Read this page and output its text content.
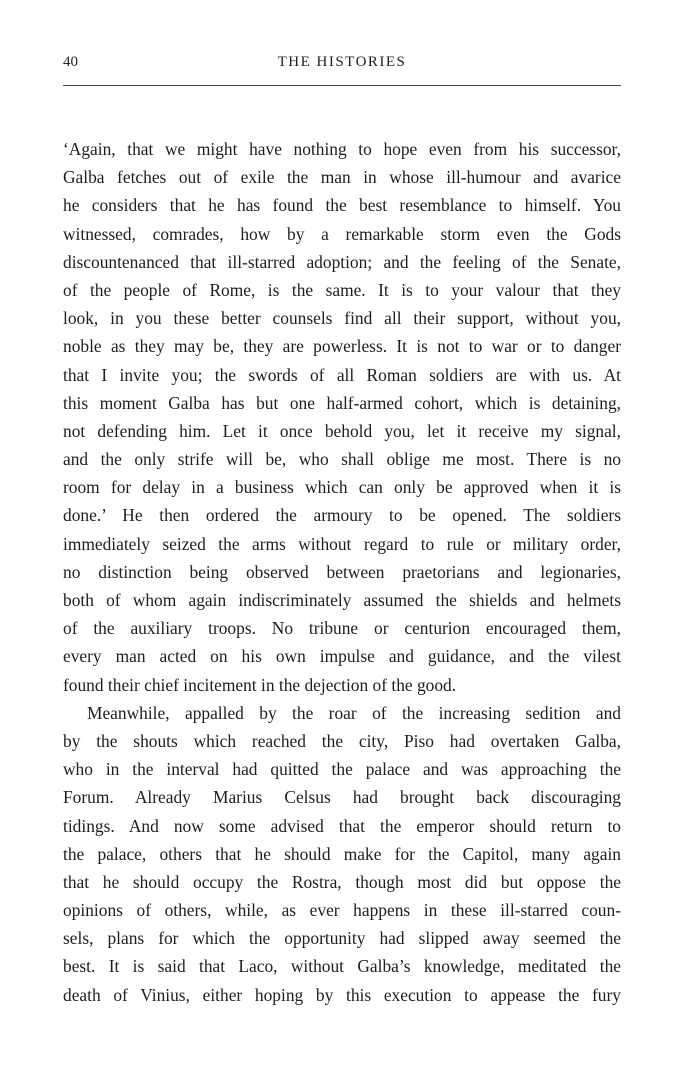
40	THE HISTORIES
‘Again, that we might have nothing to hope even from his successor,
Galba fetches out of exile the man in whose ill-humour and avarice
he considers that he has found the best resemblance to himself. You
witnessed, comrades, how by a remarkable storm even the Gods
discountenanced that ill-starred adoption; and the feeling of the Senate,
of the people of Rome, is the same. It is to your valour that they
look, in you these better counsels find all their support, without you,
noble as they may be, they are powerless. It is not to war or to danger
that I invite you; the swords of all Roman soldiers are with us. At
this moment Galba has but one half-armed cohort, which is detaining,
not defending him. Let it once behold you, let it receive my signal,
and the only strife will be, who shall oblige me most. There is no
room for delay in a business which can only be approved when it is
done.’ He then ordered the armoury to be opened. The soldiers
immediately seized the arms without regard to rule or military order,
no distinction being observed between praetorians and legionaries,
both of whom again indiscriminately assumed the shields and helmets
of the auxiliary troops. No tribune or centurion encouraged them,
every man acted on his own impulse and guidance, and the vilest
found their chief incitement in the dejection of the good.
Meanwhile, appalled by the roar of the increasing sedition and
by the shouts which reached the city, Piso had overtaken Galba,
who in the interval had quitted the palace and was approaching the
Forum. Already Marius Celsus had brought back discouraging
tidings. And now some advised that the emperor should return to
the palace, others that he should make for the Capitol, many again
that he should occupy the Rostra, though most did but oppose the
opinions of others, while, as ever happens in these ill-starred coun-
sels, plans for which the opportunity had slipped away seemed the
best. It is said that Laco, without Galba’s knowledge, meditated the
death of Vinius, either hoping by this execution to appease the fury
